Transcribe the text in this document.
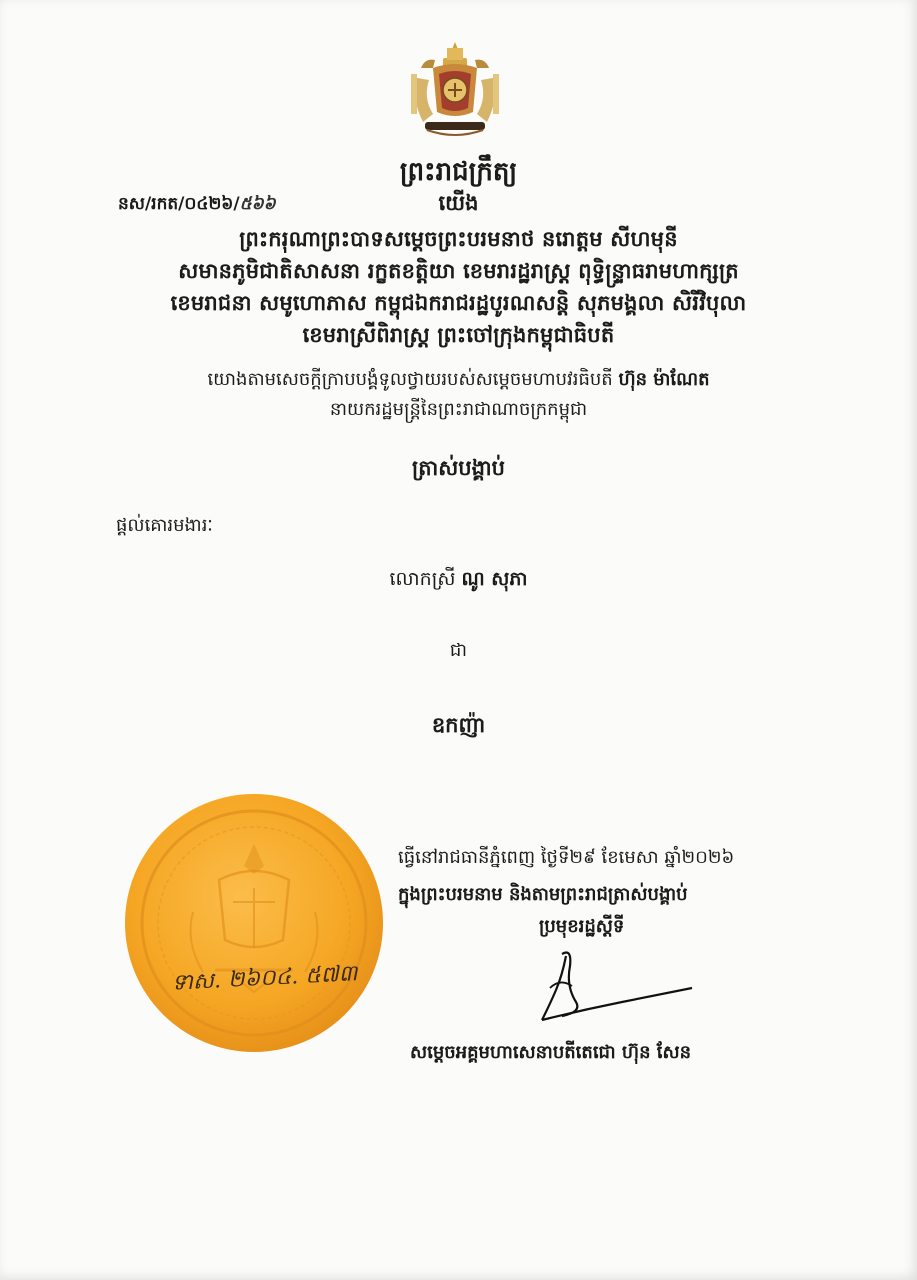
ព្រះរាជក្រឹត្យ
នស/រកត/០៤២៦/៥៦៦	យើង
ព្រះករុណាព្រះបាទសម្តេចព្រះបរមនាថ នរោត្តម សីហមុនី
សមានភូមិជាតិសាសនា រក្ខតខត្តិយា ខេមរារដ្ឋរាស្ត្រ ពុទ្ធិន្ទ្រាធរាមហាក្សត្រ
ខេមរាជនា សមូហោភាស កម្ពុជឯករាជរដ្ឋបូរណសន្តិ សុភមង្គលា សិរីវិបុលា
ខេមរាស្រីពិរាស្ត្រ ព្រះចៅក្រុងកម្ពុជាធិបតី
យោងតាមសេចក្តីក្រាបបង្គំទូលថ្វាយរបស់សម្តេចមហាបវរធិបតី ហ៊ុន ម៉ាណែត
នាយករដ្ឋមន្ត្រីនៃព្រះរាជាណាចក្រកម្ពុជា
ត្រាស់បង្គាប់
ផ្តល់គោរមងារៈ
លោកស្រី ណូ សុភា
ជា
ឧកញ៉ា
ទាស. ២៦០៤. ៥៧៣
ធ្វើនៅរាជធានីភ្នំពេញ ថ្ងៃទី២៩ ខែមេសា ឆ្នាំ២០២៦
ក្នុងព្រះបរមនាម និងតាមព្រះរាជត្រាស់បង្គាប់
ប្រមុខរដ្ឋស្តីទី
សម្តេចអគ្គមហាសេនាបតីតេជោ ហ៊ុន សែន
